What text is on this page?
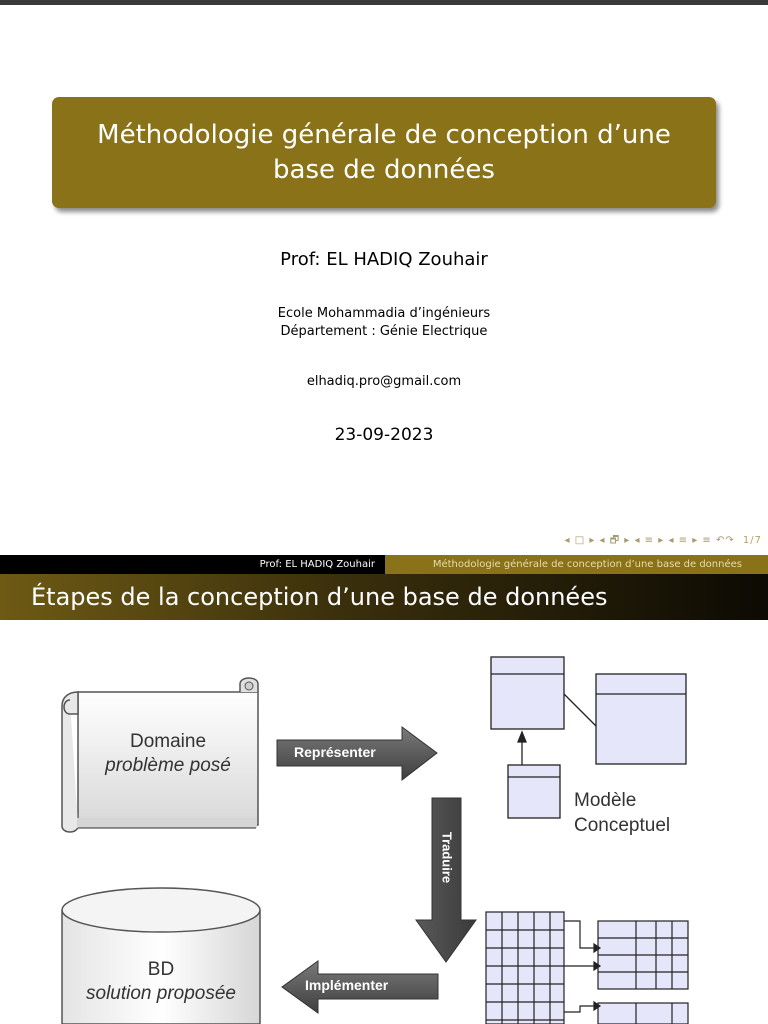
Méthodologie générale de conception d’une base de données
Prof: EL HADIQ Zouhair
Ecole Mohammadia d’ingénieurs
Département : Génie Electrique
elhadiq.pro@gmail.com
23-09-2023
◂ □ ▸ ◂ 🗗 ▸ ◂ ≡ ▸ ◂ ≡ ▸ ≡ ↶↷ 1/7
Prof: EL HADIQ Zouhair	Méthodologie générale de conception d’une base de données
Étapes de la conception d’une base de données
Domaine
problème posé
Représenter
Modèle
Conceptuel
Traduire
BD
solution proposée	Implémenter
